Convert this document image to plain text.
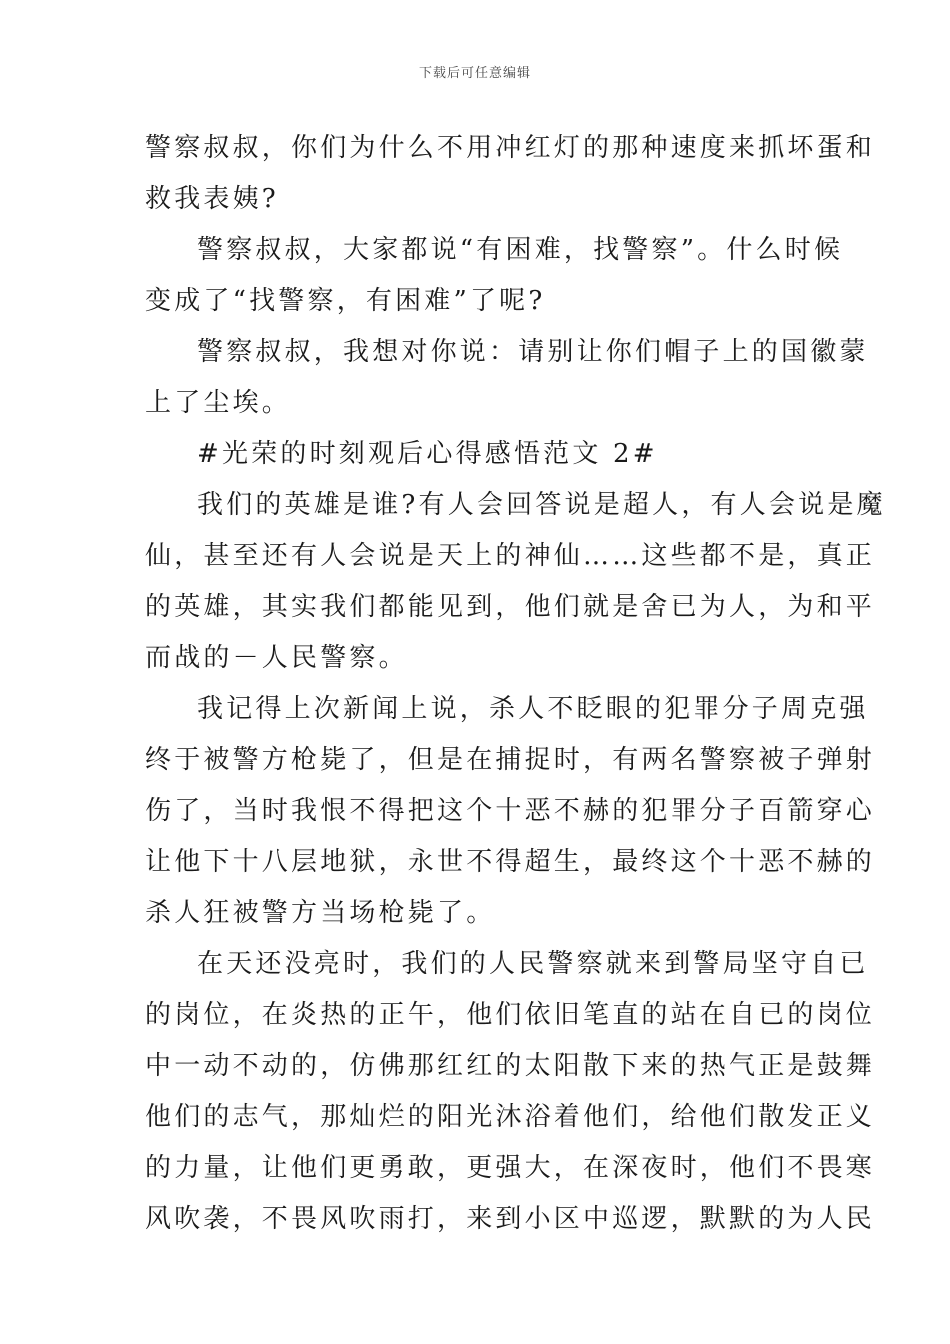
下载后可任意编辑
警察叔叔，你们为什么不用冲红灯的那种速度来抓坏蛋和
救我表姨?
警察叔叔，大家都说“有困难，找警察”。什么时候
变成了“找警察，有困难”了呢?
警察叔叔，我想对你说：请别让你们帽子上的国徽蒙
上了尘埃。
#光荣的时刻观后心得感悟范文 2#
我们的英雄是谁?有人会回答说是超人，有人会说是魔
仙，甚至还有人会说是天上的神仙……这些都不是，真正
的英雄，其实我们都能见到，他们就是舍已为人，为和平
而战的－人民警察。
我记得上次新闻上说，杀人不眨眼的犯罪分子周克强
终于被警方枪毙了，但是在捕捉时，有两名警察被子弹射
伤了，当时我恨不得把这个十恶不赫的犯罪分子百箭穿心
让他下十八层地狱，永世不得超生，最终这个十恶不赫的
杀人狂被警方当场枪毙了。
在天还没亮时，我们的人民警察就来到警局坚守自已
的岗位，在炎热的正午，他们依旧笔直的站在自已的岗位
中一动不动的，仿佛那红红的太阳散下来的热气正是鼓舞
他们的志气，那灿烂的阳光沐浴着他们，给他们散发正义
的力量，让他们更勇敢，更强大，在深夜时，他们不畏寒
风吹袭，不畏风吹雨打，来到小区中巡逻，默默的为人民
